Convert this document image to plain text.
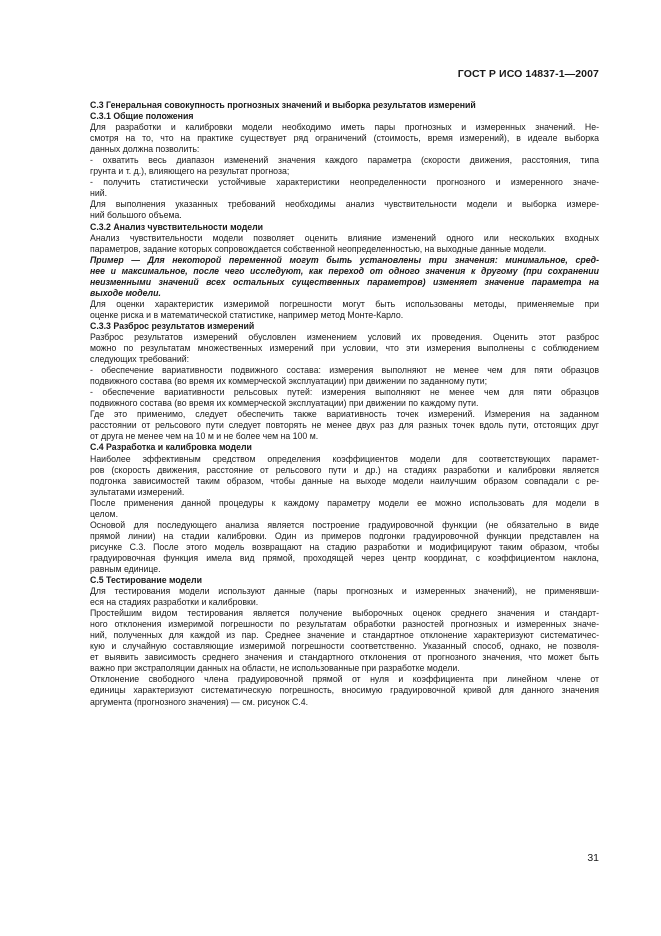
ГОСТ Р ИСО 14837-1—2007

С.3 Генеральная совокупность прогнозных значений и выборка результатов измерений

С.3.1 Общие положения

Для разработки и калибровки модели необходимо иметь пары прогнозных и измеренных значений. Не-
смотря на то, что на практике существует ряд ограничений (стоимость, время измерений), в идеале выборка
данных должна позволить:

- охватить весь диапазон изменений значения каждого параметра (скорости движения, расстояния, типа
грунта и т. д.), влияющего на результат прогноза;

- получить статистически устойчивые характеристики неопределенности прогнозного и измеренного значе-
ний.

Для выполнения указанных требований необходимы анализ чувствительности модели и выборка измере-
ний большого объема.

С.3.2 Анализ чувствительности модели

Анализ чувствительности модели позволяет оценить влияние изменений одного или нескольких входных
параметров, задание которых сопровождается собственной неопределенностью, на выходные данные модели.

Пример — Для некоторой переменной могут быть установлены три значения: минимальное, сред-
нее и максимальное, после чего исследуют, как переход от одного значения к другому (при сохранении
неизменными значений всех остальных существенных параметров) изменяет значение параметра на
выходе модели.

Для оценки характеристик измеримой погрешности могут быть использованы методы, применяемые при
оценке риска и в математической статистике, например метод Монте-Карло.

С.3.3 Разброс результатов измерений

Разброс результатов измерений обусловлен изменением условий их проведения. Оценить этот разброс
можно по результатам множественных измерений при условии, что эти измерения выполнены с соблюдением
следующих требований:

- обеспечение вариативности подвижного состава: измерения выполняют не менее чем для пяти образцов
подвижного состава (во время их коммерческой эксплуатации) при движении по заданному пути;

- обеспечение вариативности рельсовых путей: измерения выполняют не менее чем для пяти образцов
подвижного состава (во время их коммерческой эксплуатации) при движении по каждому пути.

Где это применимо, следует обеспечить также вариативность точек измерений. Измерения на заданном
расстоянии от рельсового пути следует повторять не менее двух раз для разных точек вдоль пути, отстоящих друг
от друга не менее чем на 10 м и не более чем на 100 м.

С.4 Разработка и калибровка модели

Наиболее эффективным средством определения коэффициентов модели для соответствующих парамет-
ров (скорость движения, расстояние от рельсового пути и др.) на стадиях разработки и калибровки является
подгонка зависимостей таким образом, чтобы данные на выходе модели наилучшим образом совпадали с ре-
зультатами измерений.

После применения данной процедуры к каждому параметру модели ее можно использовать для модели в
целом.

Основой для последующего анализа является построение градуировочной функции (не обязательно в виде
прямой линии) на стадии калибровки. Один из примеров подгонки градуировочной функции представлен на
рисунке С.3. После этого модель возвращают на стадию разработки и модифицируют таким образом, чтобы
градуировочная функция имела вид прямой, проходящей через центр координат, с коэффициентом наклона,
равным единице.

С.5 Тестирование модели

Для тестирования модели используют данные (пары прогнозных и измеренных значений), не применявши-
еся на стадиях разработки и калибровки.

Простейшим видом тестирования является получение выборочных оценок среднего значения и стандарт-
ного отклонения измеримой погрешности по результатам обработки разностей прогнозных и измеренных значе-
ний, полученных для каждой из пар. Среднее значение и стандартное отклонение характеризуют систематичес-
кую и случайную составляющие измеримой погрешности соответственно. Указанный способ, однако, не позволя-
ет выявить зависимость среднего значения и стандартного отклонения от прогнозного значения, что может быть
важно при экстраполяции данных на области, не использованные при разработке модели.

Отклонение свободного члена градуировочной прямой от нуля и коэффициента при линейном члене от
единицы характеризуют систематическую погрешность, вносимую градуировочной кривой для данного значения
аргумента (прогнозного значения) — см. рисунок С.4.

31
